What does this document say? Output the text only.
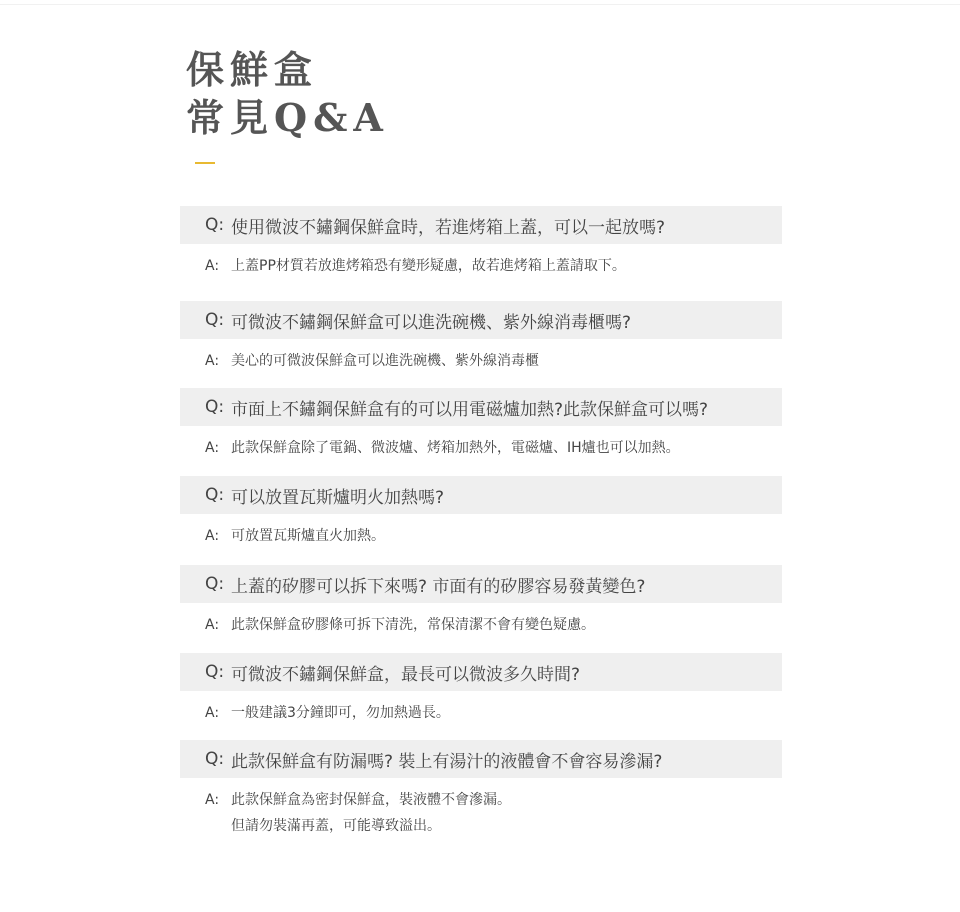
保鮮盒
常見Q&A
Q: 使用微波不鏽鋼保鮮盒時，若進烤箱上蓋，可以一起放嗎?
A: 上蓋PP材質若放進烤箱恐有變形疑慮，故若進烤箱上蓋請取下。
Q: 可微波不鏽鋼保鮮盒可以進洗碗機、紫外線消毒櫃嗎?
A: 美心的可微波保鮮盒可以進洗碗機、紫外線消毒櫃
Q: 市面上不鏽鋼保鮮盒有的可以用電磁爐加熱?此款保鮮盒可以嗎?
A: 此款保鮮盒除了電鍋、微波爐、烤箱加熱外，電磁爐、IH爐也可以加熱。
Q: 可以放置瓦斯爐明火加熱嗎?
A: 可放置瓦斯爐直火加熱。
Q: 上蓋的矽膠可以拆下來嗎? 市面有的矽膠容易發黃變色?
A: 此款保鮮盒矽膠條可拆下清洗，常保清潔不會有變色疑慮。
Q: 可微波不鏽鋼保鮮盒，最長可以微波多久時間?
A: 一般建議3分鐘即可，勿加熱過長。
Q: 此款保鮮盒有防漏嗎? 裝上有湯汁的液體會不會容易滲漏?
A: 此款保鮮盒為密封保鮮盒，裝液體不會滲漏。
但請勿裝滿再蓋，可能導致溢出。
